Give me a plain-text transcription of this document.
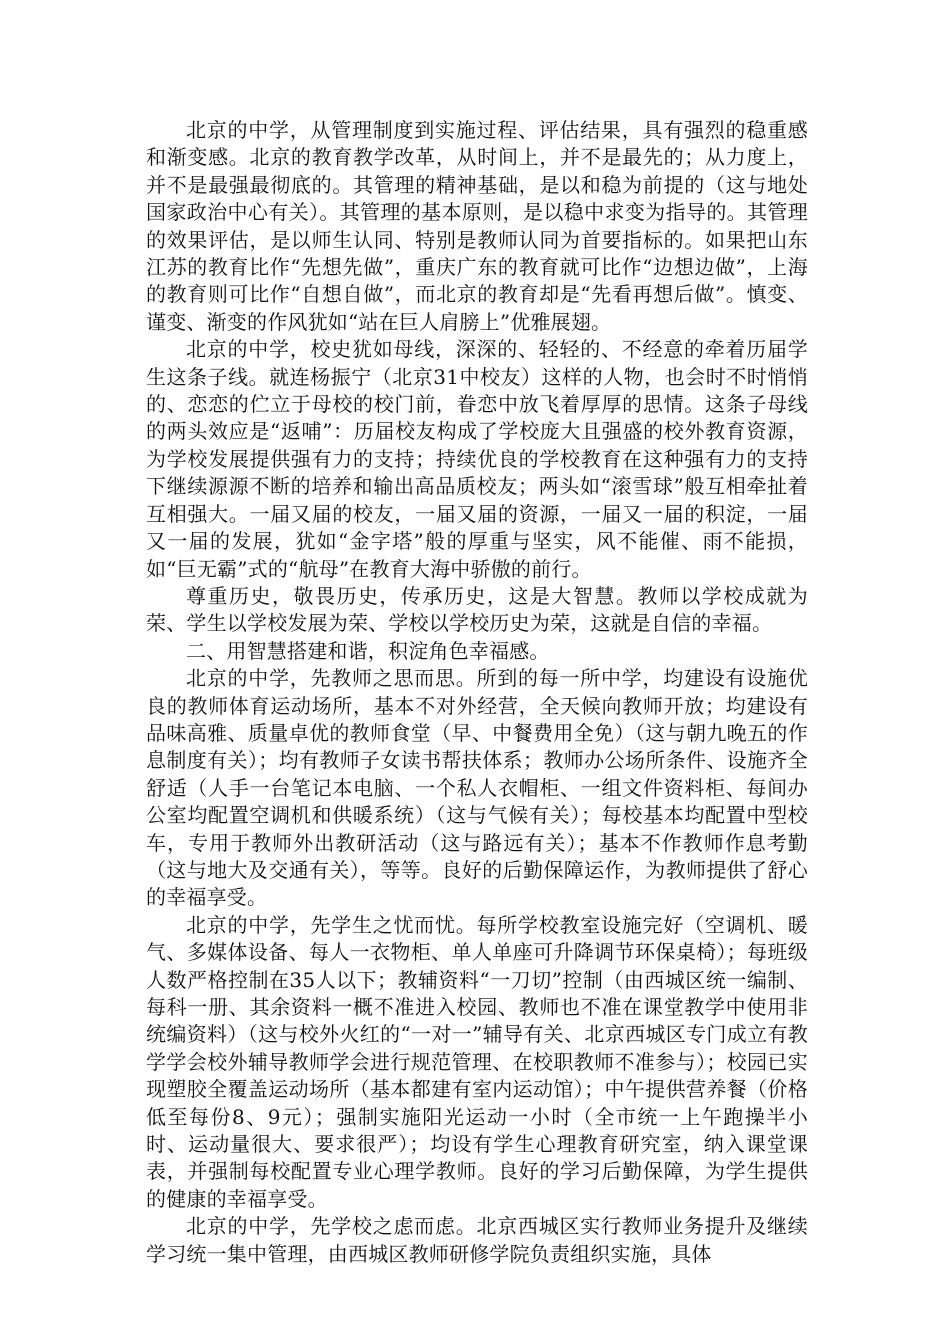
北京的中学，从管理制度到实施过程、评估结果，具有强烈的稳重感和渐变感。北京的教育教学改革，从时间上，并不是最先的；从力度上，并不是最强最彻底的。其管理的精神基础，是以和稳为前提的（这与地处国家政治中心有关）。其管理的基本原则，是以稳中求变为指导的。其管理的效果评估，是以师生认同、特别是教师认同为首要指标的。如果把山东江苏的教育比作“先想先做”，重庆广东的教育就可比作“边想边做”，上海的教育则可比作“自想自做”，而北京的教育却是“先看再想后做”。慎变、谨变、渐变的作风犹如“站在巨人肩膀上”优雅展翅。

北京的中学，校史犹如母线，深深的、轻轻的、不经意的牵着历届学生这条子线。就连杨振宁（北京31中校友）这样的人物，也会时不时悄悄的、恋恋的伫立于母校的校门前，眷恋中放飞着厚厚的思情。这条子母线的两头效应是“返哺”：历届校友构成了学校庞大且强盛的校外教育资源，为学校发展提供强有力的支持；持续优良的学校教育在这种强有力的支持下继续源源不断的培养和输出高品质校友；两头如“滚雪球”般互相牵扯着互相强大。一届又届的校友，一届又届的资源，一届又一届的积淀，一届又一届的发展，犹如“金字塔”般的厚重与坚实，风不能催、雨不能损，如“巨无霸”式的“航母”在教育大海中骄傲的前行。

尊重历史，敬畏历史，传承历史，这是大智慧。教师以学校成就为荣、学生以学校发展为荣、学校以学校历史为荣，这就是自信的幸福。

二、用智慧搭建和谐，积淀角色幸福感。

北京的中学，先教师之思而思。所到的每一所中学，均建设有设施优良的教师体育运动场所，基本不对外经营，全天候向教师开放；均建设有品味高雅、质量卓优的教师食堂（早、中餐费用全免）（这与朝九晚五的作息制度有关）；均有教师子女读书帮扶体系；教师办公场所条件、设施齐全舒适（人手一台笔记本电脑、一个私人衣帽柜、一组文件资料柜、每间办公室均配置空调机和供暖系统）（这与气候有关）；每校基本均配置中型校车，专用于教师外出教研活动（这与路远有关）；基本不作教师作息考勤（这与地大及交通有关），等等。良好的后勤保障运作，为教师提供了舒心的幸福享受。

北京的中学，先学生之忧而忧。每所学校教室设施完好（空调机、暖气、多媒体设备、每人一衣物柜、单人单座可升降调节环保桌椅）；每班级人数严格控制在35人以下；教辅资料“一刀切”控制（由西城区统一编制、每科一册、其余资料一概不准进入校园、教师也不准在课堂教学中使用非统编资料）（这与校外火红的“一对一”辅导有关、北京西城区专门成立有教学学会校外辅导教师学会进行规范管理、在校职教师不准参与）；校园已实现塑胶全覆盖运动场所（基本都建有室内运动馆）；中午提供营养餐（价格低至每份8、9元）；强制实施阳光运动一小时（全市统一上午跑操半小时、运动量很大、要求很严）；均设有学生心理教育研究室，纳入课堂课表，并强制每校配置专业心理学教师。良好的学习后勤保障，为学生提供的健康的幸福享受。

北京的中学，先学校之虑而虑。北京西城区实行教师业务提升及继续学习统一集中管理，由西城区教师研修学院负责组织实施，具体
